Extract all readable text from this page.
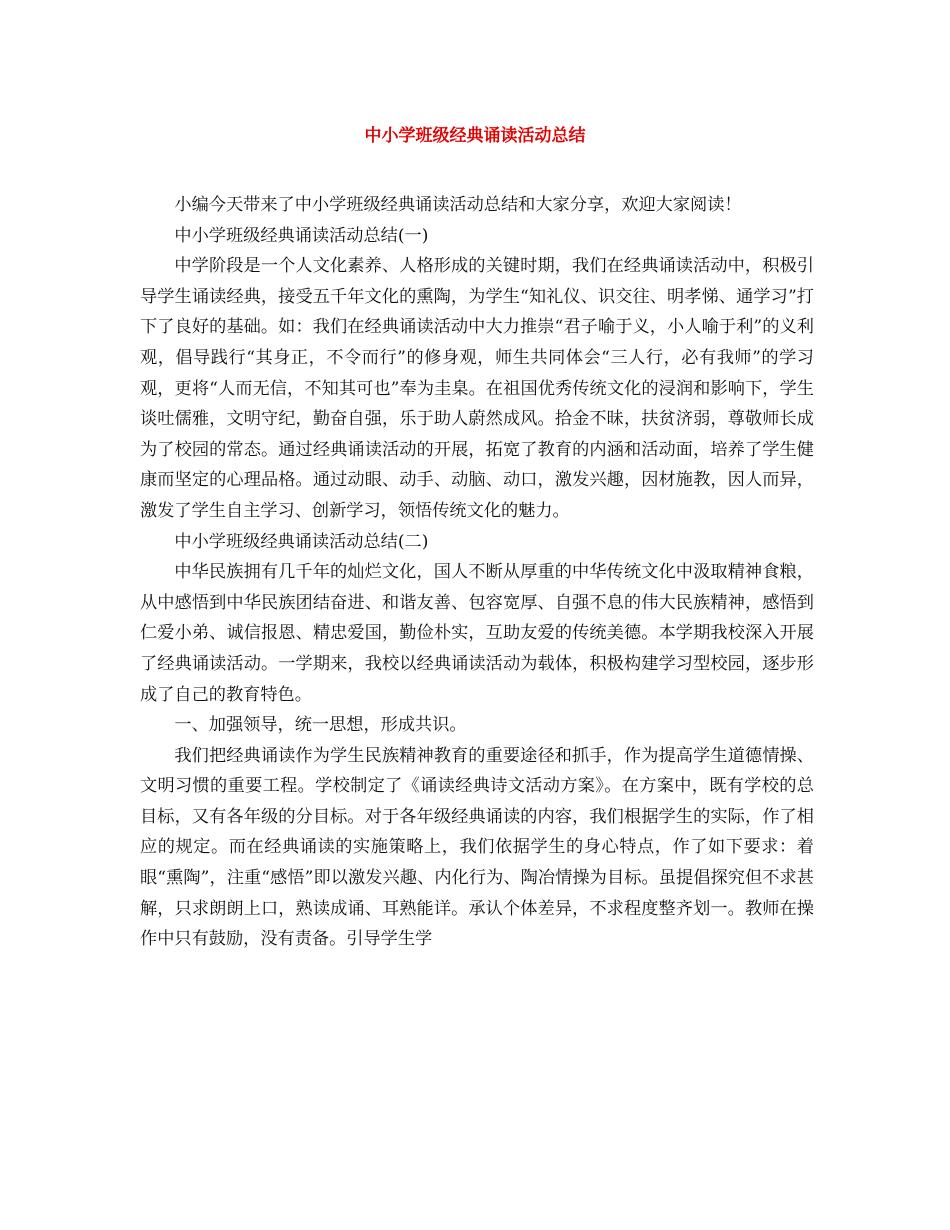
中小学班级经典诵读活动总结

小编今天带来了中小学班级经典诵读活动总结和大家分享，欢迎大家阅读！

中小学班级经典诵读活动总结(一)

中学阶段是一个人文化素养、人格形成的关键时期，我们在经典诵读活动中，积极引导学生诵读经典，接受五千年文化的熏陶，为学生“知礼仪、识交往、明孝悌、通学习”打下了良好的基础。如：我们在经典诵读活动中大力推崇“君子喻于义，小人喻于利”的义利观，倡导践行“其身正，不令而行”的修身观，师生共同体会“三人行，必有我师”的学习观，更将“人而无信，不知其可也”奉为圭臬。在祖国优秀传统文化的浸润和影响下，学生谈吐儒雅，文明守纪，勤奋自强，乐于助人蔚然成风。拾金不昧，扶贫济弱，尊敬师长成为了校园的常态。通过经典诵读活动的开展，拓宽了教育的内涵和活动面，培养了学生健康而坚定的心理品格。通过动眼、动手、动脑、动口，激发兴趣，因材施教，因人而异，激发了学生自主学习、创新学习，领悟传统文化的魅力。

中小学班级经典诵读活动总结(二)

中华民族拥有几千年的灿烂文化，国人不断从厚重的中华传统文化中汲取精神食粮，从中感悟到中华民族团结奋进、和谐友善、包容宽厚、自强不息的伟大民族精神，感悟到仁爱小弟、诚信报恩、精忠爱国，勤俭朴实，互助友爱的传统美德。本学期我校深入开展了经典诵读活动。一学期来，我校以经典诵读活动为载体，积极构建学习型校园，逐步形成了自己的教育特色。

一、加强领导，统一思想，形成共识。

我们把经典诵读作为学生民族精神教育的重要途径和抓手，作为提高学生道德情操、文明习惯的重要工程。学校制定了《诵读经典诗文活动方案》。在方案中，既有学校的总目标，又有各年级的分目标。对于各年级经典诵读的内容，我们根据学生的实际，作了相应的规定。而在经典诵读的实施策略上，我们依据学生的身心特点，作了如下要求：着眼“熏陶”，注重“感悟”即以激发兴趣、内化行为、陶冶情操为目标。虽提倡探究但不求甚解，只求朗朗上口，熟读成诵、耳熟能详。承认个体差异，不求程度整齐划一。教师在操作中只有鼓励，没有责备。引导学生学
